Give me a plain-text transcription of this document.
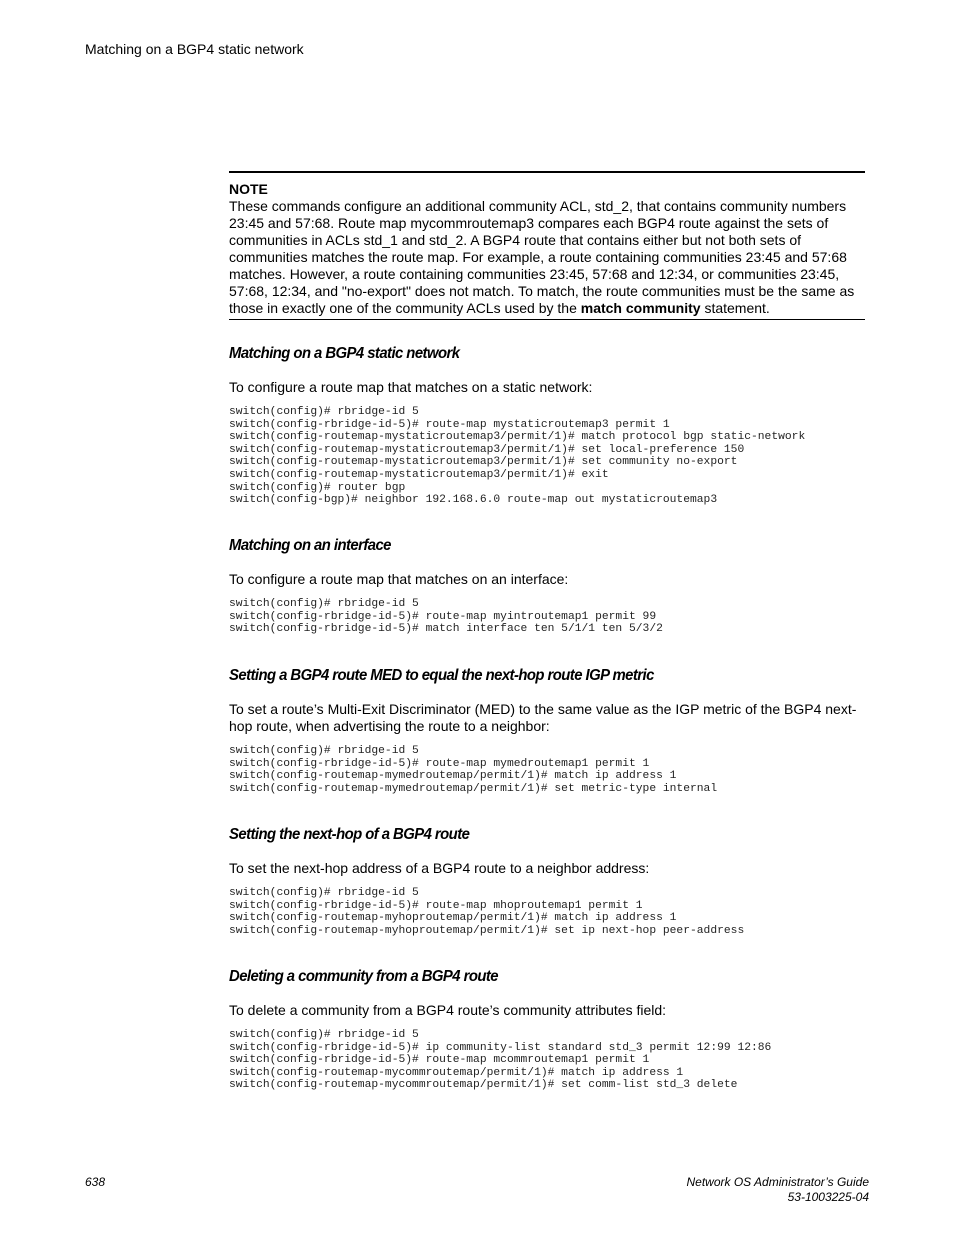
Matching on a BGP4 static network
NOTE
These commands configure an additional community ACL, std_2, that contains community numbers 23:45 and 57:68. Route map mycommroutemap3 compares each BGP4 route against the sets of communities in ACLs std_1 and std_2. A BGP4 route that contains either but not both sets of communities matches the route map. For example, a route containing communities 23:45 and 57:68 matches. However, a route containing communities 23:45, 57:68 and 12:34, or communities 23:45, 57:68, 12:34, and "no-export" does not match. To match, the route communities must be the same as those in exactly one of the community ACLs used by the match community statement.
Matching on a BGP4 static network

To configure a route map that matches on a static network:

switch(config)# rbridge-id 5
switch(config-rbridge-id-5)# route-map mystaticroutemap3 permit 1
switch(config-routemap-mystaticroutemap3/permit/1)# match protocol bgp static-network
switch(config-routemap-mystaticroutemap3/permit/1)# set local-preference 150
switch(config-routemap-mystaticroutemap3/permit/1)# set community no-export
switch(config-routemap-mystaticroutemap3/permit/1)# exit
switch(config)# router bgp
switch(config-bgp)# neighbor 192.168.6.0 route-map out mystaticroutemap3
Matching on an interface

To configure a route map that matches on an interface:

switch(config)# rbridge-id 5
switch(config-rbridge-id-5)# route-map myintroutemap1 permit 99
switch(config-rbridge-id-5)# match interface ten 5/1/1 ten 5/3/2
Setting a BGP4 route MED to equal the next-hop route IGP metric

To set a route’s Multi-Exit Discriminator (MED) to the same value as the IGP metric of the BGP4 next-hop route, when advertising the route to a neighbor:

switch(config)# rbridge-id 5
switch(config-rbridge-id-5)# route-map mymedroutemap1 permit 1
switch(config-routemap-mymedroutemap/permit/1)# match ip address 1
switch(config-routemap-mymedroutemap/permit/1)# set metric-type internal
Setting the next-hop of a BGP4 route

To set the next-hop address of a BGP4 route to a neighbor address:

switch(config)# rbridge-id 5
switch(config-rbridge-id-5)# route-map mhoproutemap1 permit 1
switch(config-routemap-myhoproutemap/permit/1)# match ip address 1
switch(config-routemap-myhoproutemap/permit/1)# set ip next-hop peer-address
Deleting a community from a BGP4 route

To delete a community from a BGP4 route’s community attributes field:

switch(config)# rbridge-id 5
switch(config-rbridge-id-5)# ip community-list standard std_3 permit 12:99 12:86
switch(config-rbridge-id-5)# route-map mcommroutemap1 permit 1
switch(config-routemap-mycommroutemap/permit/1)# match ip address 1
switch(config-routemap-mycommroutemap/permit/1)# set comm-list std_3 delete
638	Network OS Administrator’s Guide
53-1003225-04
